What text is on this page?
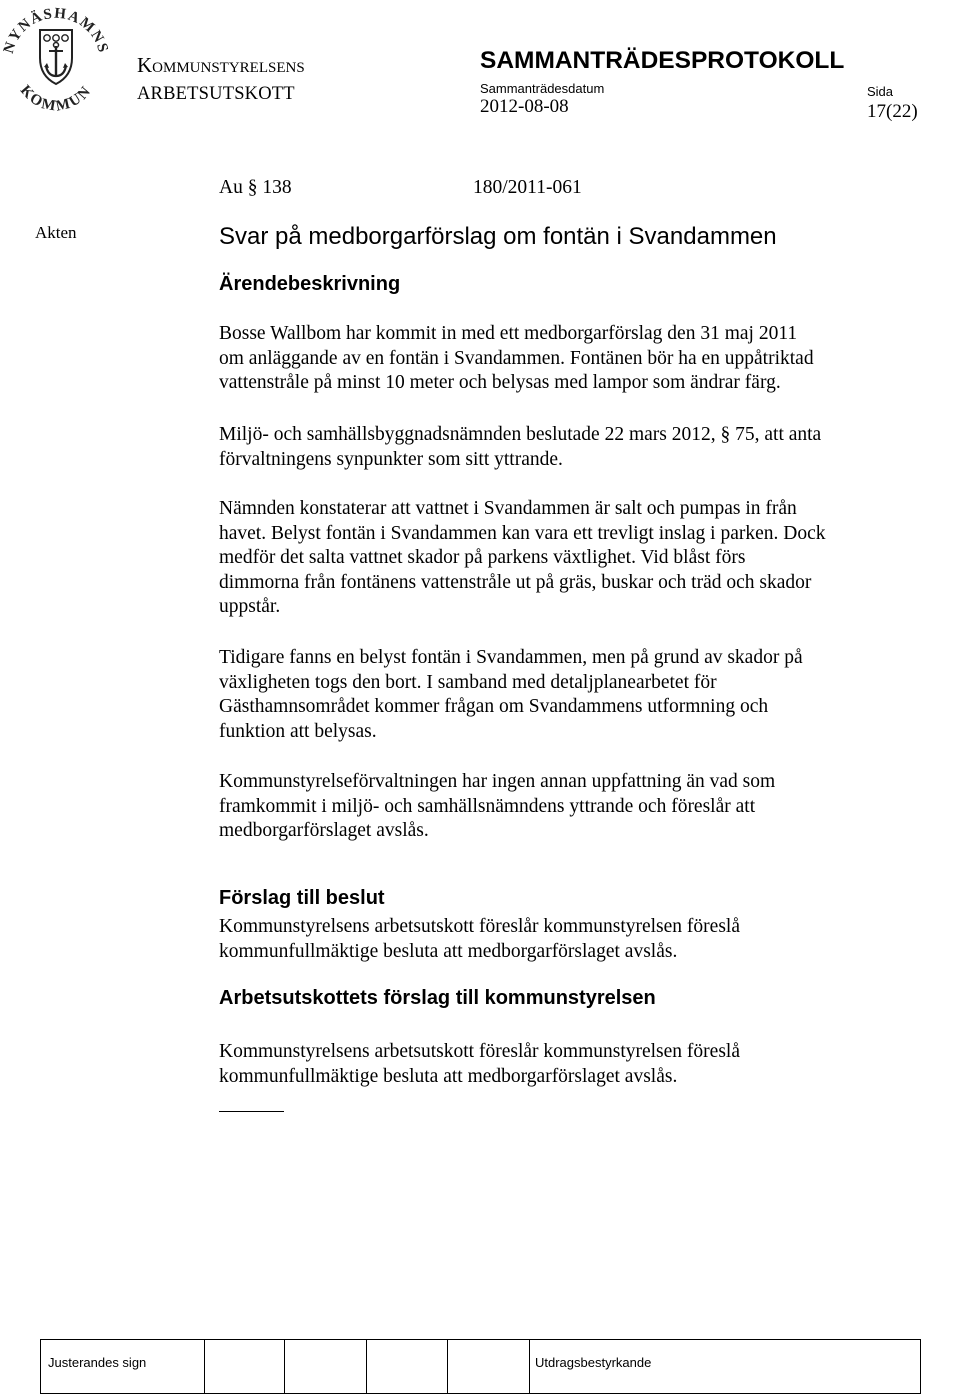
NYNÄSHAMNS
KOMMUN
Kommunstyrelsens
ARBETSUTSKOTT
SAMMANTRÄDESPROTOKOLL
Sammanträdesdatum
2012-08-08
Sida
17(22)
Au § 138	180/2011-061
Akten	Svar på medborgarförslag om fontän i Svandammen
Ärendebeskrivning
Bosse Wallbom har kommit in med ett medborgarförslag den 31 maj 2011
om anläggande av en fontän i Svandammen. Fontänen bör ha en uppåtriktad
vattenstråle på minst 10 meter och belysas med lampor som ändrar färg.
Miljö- och samhällsbyggnadsnämnden beslutade 22 mars 2012, § 75, att anta
förvaltningens synpunkter som sitt yttrande.
Nämnden konstaterar att vattnet i Svandammen är salt och pumpas in från
havet. Belyst fontän i Svandammen kan vara ett trevligt inslag i parken. Dock
medför det salta vattnet skador på parkens växtlighet. Vid blåst förs
dimmorna från fontänens vattenstråle ut på gräs, buskar och träd och skador
uppstår.
Tidigare fanns en belyst fontän i Svandammen, men på grund av skador på
växligheten togs den bort. I samband med detaljplanearbetet för
Gästhamnsområdet kommer frågan om Svandammens utformning och
funktion att belysas.
Kommunstyrelseförvaltningen har ingen annan uppfattning än vad som
framkommit i miljö- och samhällsnämndens yttrande och föreslår att
medborgarförslaget avslås.
Förslag till beslut
Kommunstyrelsens arbetsutskott föreslår kommunstyrelsen föreslå
kommunfullmäktige besluta att medborgarförslaget avslås.
Arbetsutskottets förslag till kommunstyrelsen
Kommunstyrelsens arbetsutskott föreslår kommunstyrelsen föreslå
kommunfullmäktige besluta att medborgarförslaget avslås.
Justerandes sign	Utdragsbestyrkande
